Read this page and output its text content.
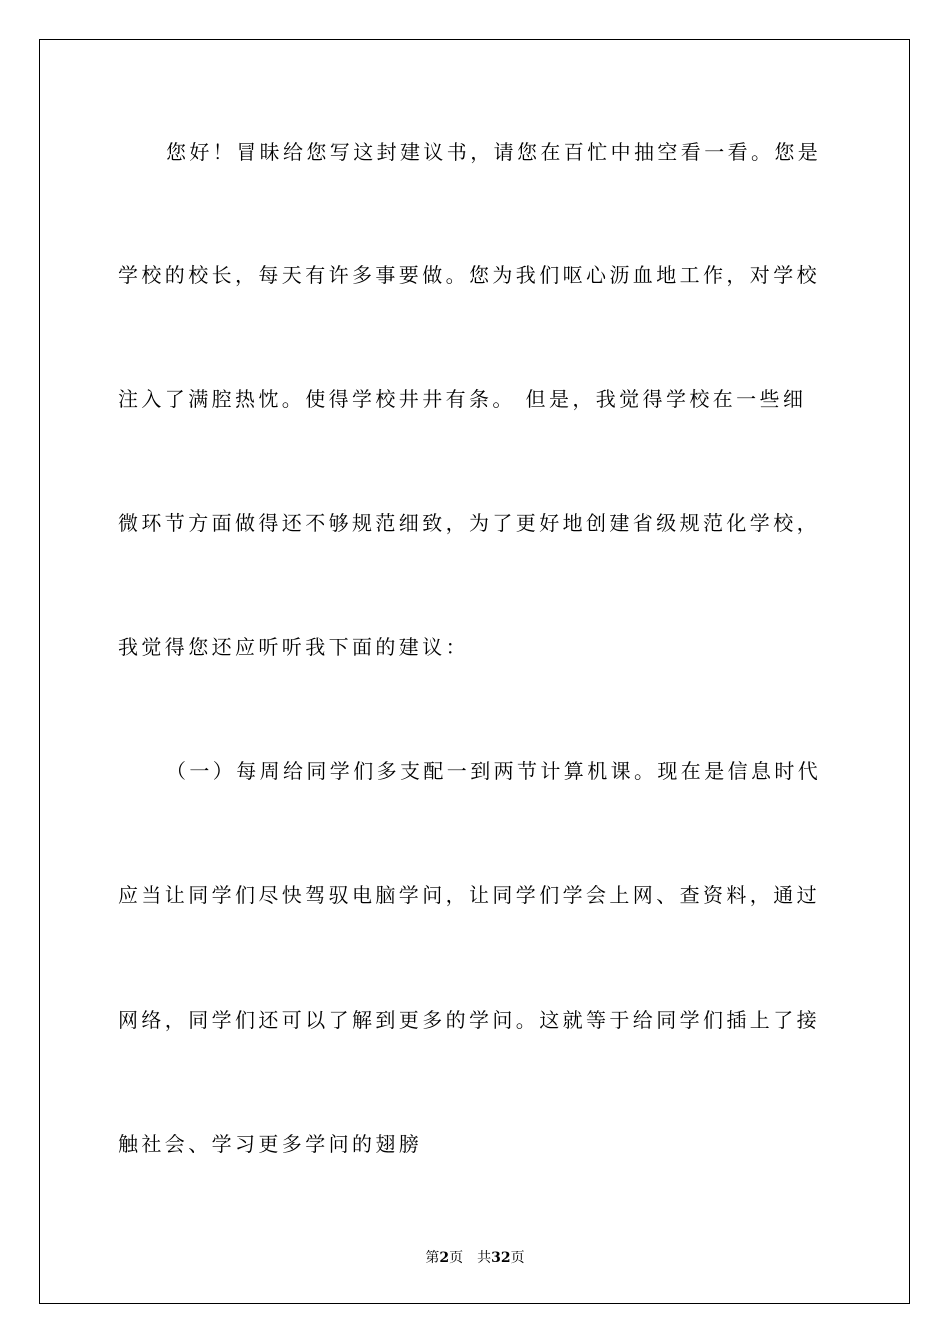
您好！冒昧给您写这封建议书，请您在百忙中抽空看一看。您是
学校的校长，每天有许多事要做。您为我们呕心沥血地工作，对学校
注入了满腔热忱。使得学校井井有条。 但是，我觉得学校在一些细
微环节方面做得还不够规范细致，为了更好地创建省级规范化学校，
我觉得您还应听听我下面的建议：
（一）每周给同学们多支配一到两节计算机课。现在是信息时代
应当让同学们尽快驾驭电脑学问，让同学们学会上网、查资料，通过
网络，同学们还可以了解到更多的学问。这就等于给同学们插上了接
触社会、学习更多学问的翅膀
第2页 共32页
